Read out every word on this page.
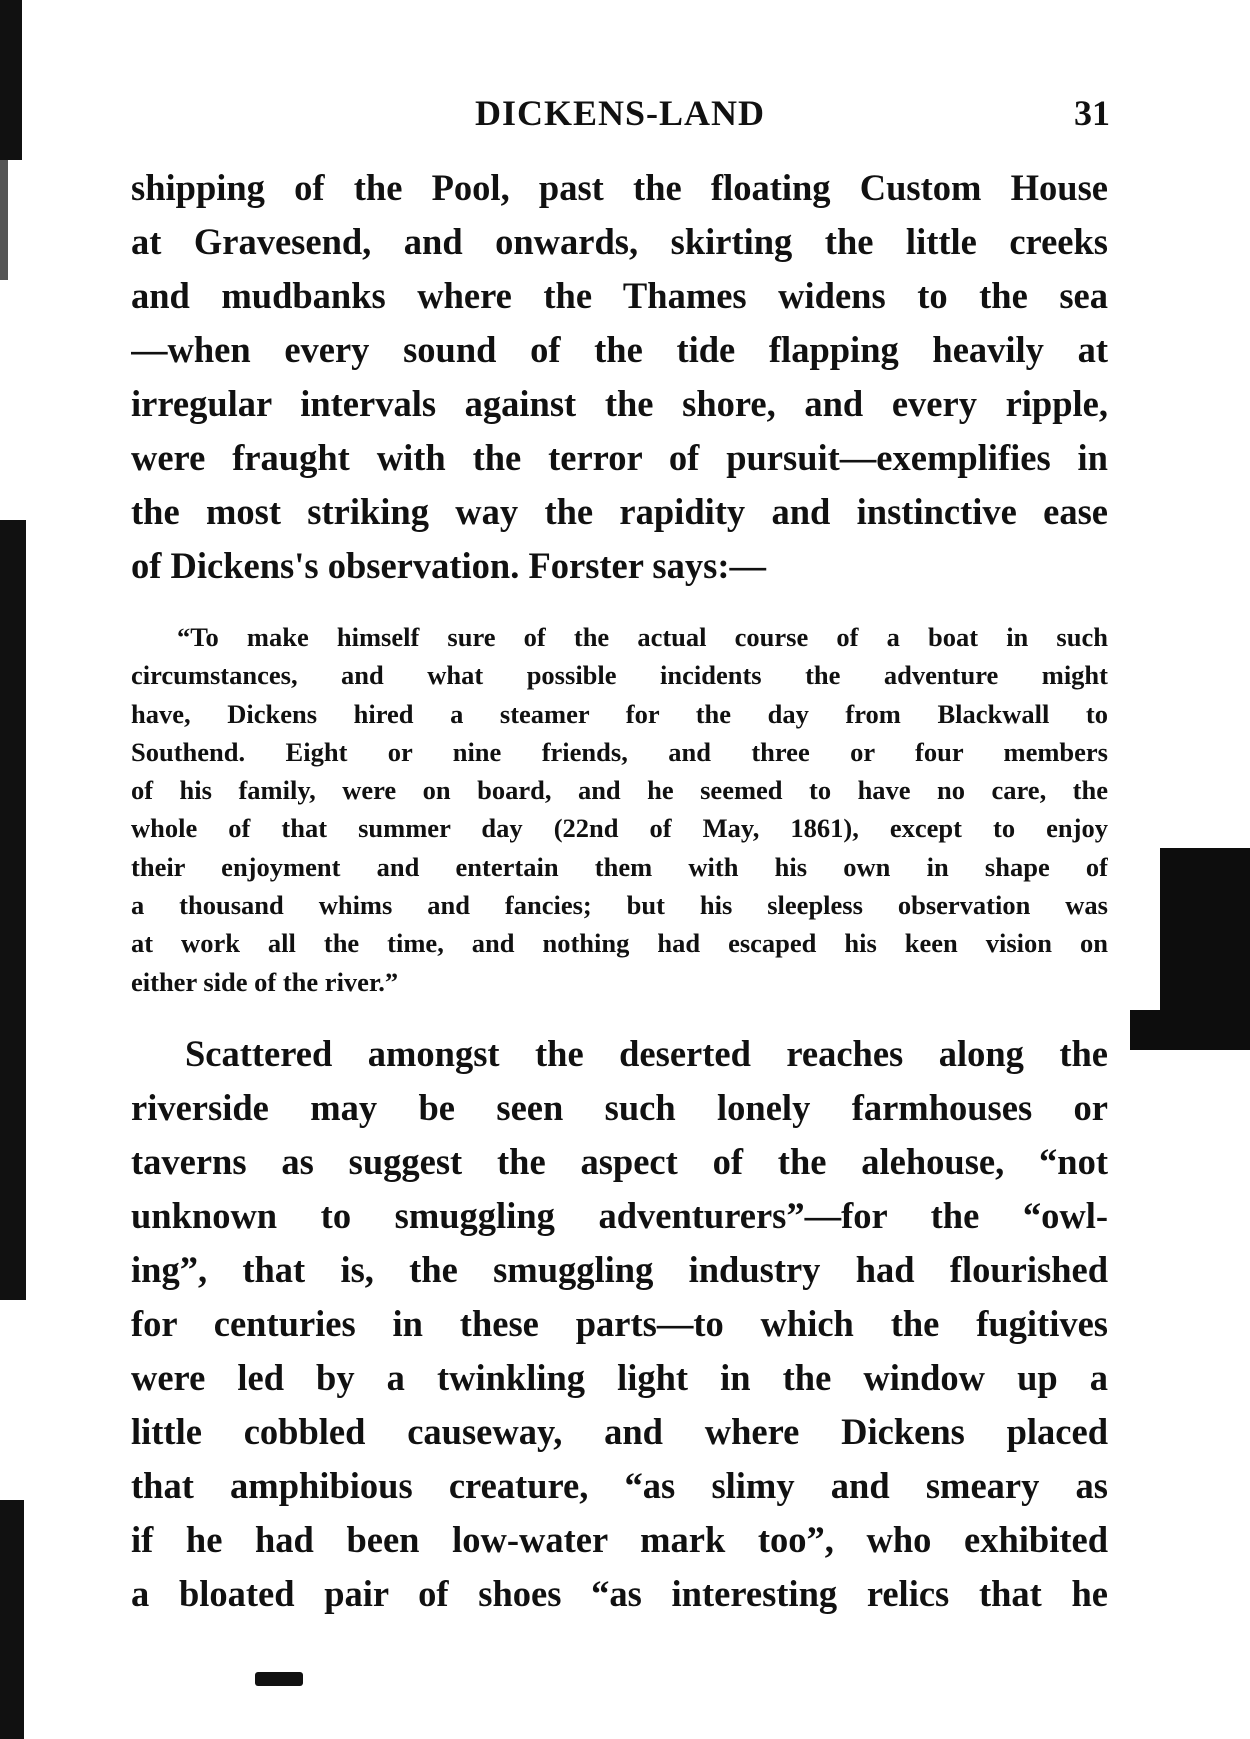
DICKENS-LAND	31
shipping of the Pool, past the floating Custom House
at Gravesend, and onwards, skirting the little creeks
and mudbanks where the Thames widens to the sea
—when every sound of the tide flapping heavily at
irregular intervals against the shore, and every ripple,
were fraught with the terror of pursuit—exemplifies in
the most striking way the rapidity and instinctive ease
of Dickens's observation. Forster says:—
“To make himself sure of the actual course of a boat in such
circumstances, and what possible incidents the adventure might
have, Dickens hired a steamer for the day from Blackwall to
Southend. Eight or nine friends, and three or four members
of his family, were on board, and he seemed to have no care, the
whole of that summer day (22nd of May, 1861), except to enjoy
their enjoyment and entertain them with his own in shape of
a thousand whims and fancies; but his sleepless observation was
at work all the time, and nothing had escaped his keen vision on
either side of the river.”
Scattered amongst the deserted reaches along the
riverside may be seen such lonely farmhouses or
taverns as suggest the aspect of the alehouse, “not
unknown to smuggling adventurers”—for the “owl-
ing”, that is, the smuggling industry had flourished
for centuries in these parts—to which the fugitives
were led by a twinkling light in the window up a
little cobbled causeway, and where Dickens placed
that amphibious creature, “as slimy and smeary as
if he had been low-water mark too”, who exhibited
a bloated pair of shoes “as interesting relics that he
